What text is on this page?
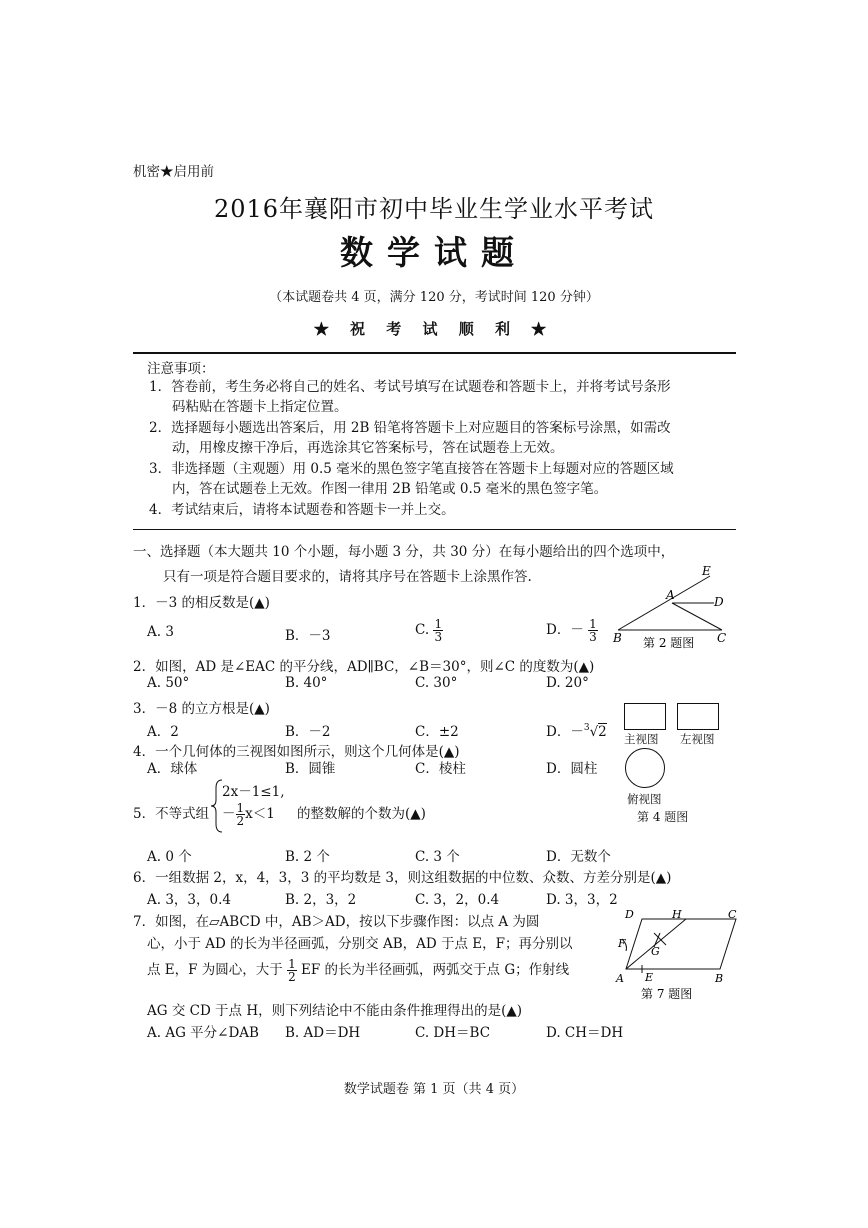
机密★启用前
2016年襄阳市初中毕业生学业水平考试
数学试题
（本试题卷共 4 页，满分 120 分，考试时间 120 分钟）
★ 祝 考 试 顺 利 ★
注意事项：
1．答卷前，考生务必将自己的姓名、考试号填写在试题卷和答题卡上，并将考试号条形
码粘贴在答题卡上指定位置。
2．选择题每小题选出答案后，用 2B 铅笔将答题卡上对应题目的答案标号涂黑，如需改
动，用橡皮擦干净后，再选涂其它答案标号，答在试题卷上无效。
3．非选择题（主观题）用 0.5 毫米的黑色签字笔直接答在答题卡上每题对应的答题区域
内，答在试题卷上无效。作图一律用 2B 铅笔或 0.5 毫米的黑色签字笔。
4．考试结束后，请将本试题卷和答题卡一并上交。
一、选择题（本大题共 10 个小题，每小题 3 分，共 30 分）在每小题给出的四个选项中，
只有一项是符合题目要求的，请将其序号在答题卡上涂黑作答.
1．－3 的相反数是(▲)
A. 3	B．－3	C. $\frac{1}{3}$	D．－ $\frac{1}{3}$
E
A	D
B	C
第 2 题图
2．如图，AD 是∠EAC 的平分线，AD∥BC，∠B＝30°，则∠C 的度数为(▲)
A. 50°	B. 40°	C. 30°	D. 20°
3．－8 的立方根是(▲)
A．2	B．－2	C．±2	D．－3√2 主视图 左视图
俯视图
第 4 题图
4．一个几何体的三视图如图所示，则这个几何体是(▲)
A．球体	B．圆锥	C．棱柱	D．圆柱
5．不等式组
2x－1≤1,
－ $\frac{1}{2} x<1$ 的整数解的个数为(▲)
A. 0 个	B. 2 个	C. 3 个	D．无数个
6．一组数据 2，x，4，3，3 的平均数是 3，则这组数据的中位数、众数、方差分别是(▲)
A. 3，3，0.4	B. 2，3，2	C. 3，2，0.4	D. 3，3，2
7．如图，在▱ABCD 中，AB＞AD，按以下步骤作图：以点 A 为圆
心，小于 AD 的长为半径画弧，分别交 AB，AD 于点 E，F；再分别以
点 E，F 为圆心，大于 $\frac{1}{2}$ EF 的长为半径画弧，两弧交于点 G；作射线
AG 交 CD 于点 H，则下列结论中不能由条件推理得出的是(▲)
A. AG 平分∠DAB B. AD＝DH	C. DH＝BC	D. CH＝DH
D	H	C
F
G
A E	B
第 7 题图
数学试题卷 第 1 页（共 4 页）
